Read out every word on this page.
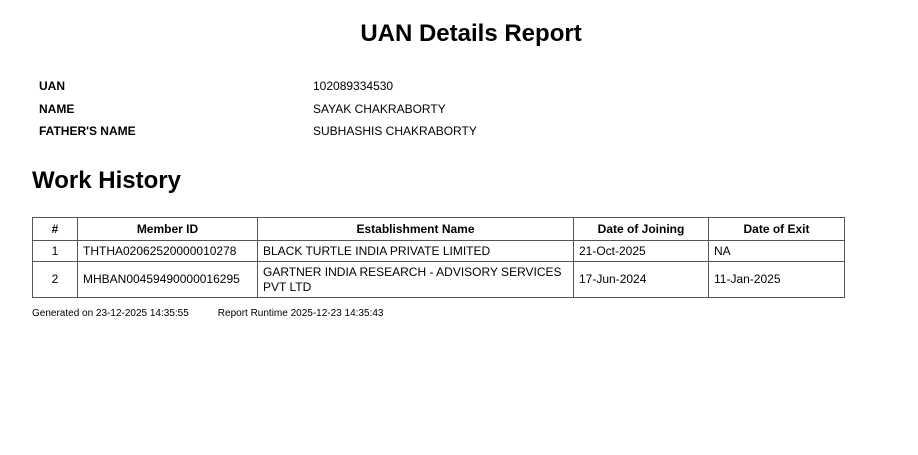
UAN Details Report
UAN	102089334530
NAME	SAYAK CHAKRABORTY
FATHER'S NAME	SUBHASHIS CHAKRABORTY
Work History
#	Member ID	Establishment Name	Date of Joining	Date of Exit
1	THTHA02062520000010278	BLACK TURTLE INDIA PRIVATE LIMITED	21-Oct-2025	NA
2	MHBAN00459490000016295	GARTNER INDIA RESEARCH - ADVISORY SERVICES PVT LTD	17-Jun-2024	11-Jan-2025
Generated on 23-12-2025 14:35:55	Report Runtime 2025-12-23 14:35:43
